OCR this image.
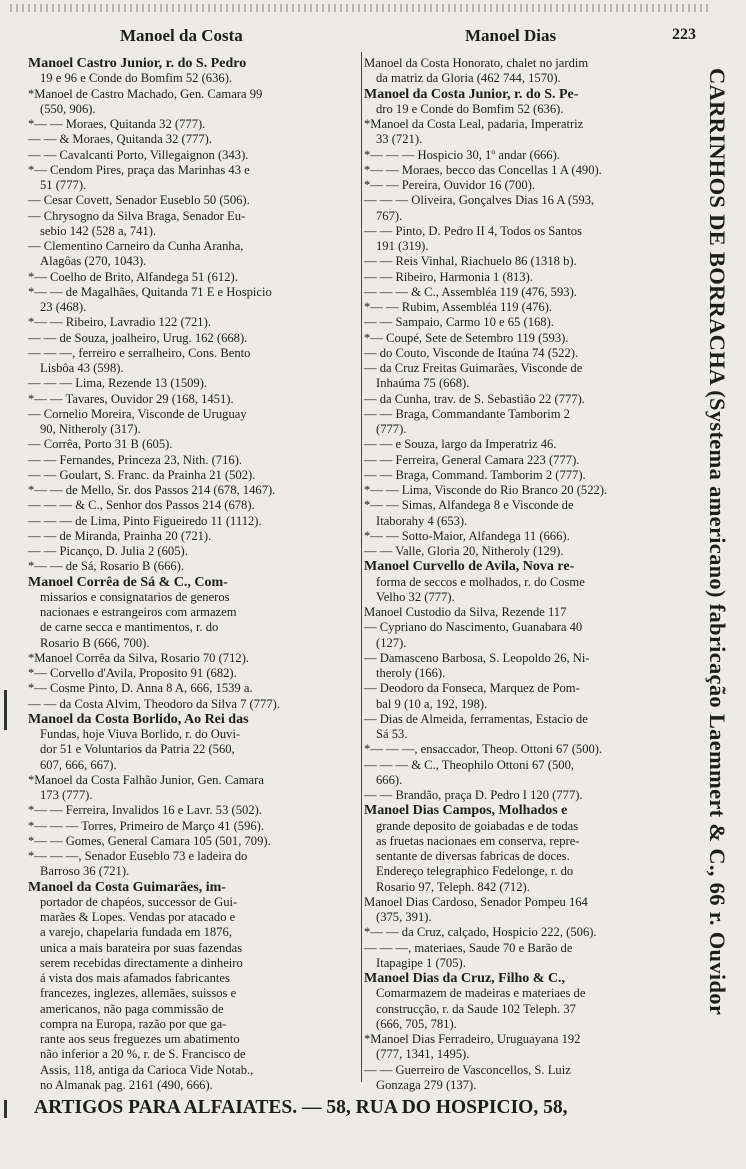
Manoel da Costa	Manoel Dias	223
Manoel Castro Junior, r. do S. Pedro
19 e 96 e Conde do Bomfim 52 (636).
*Manoel de Castro Machado, Gen. Camara 99
(550, 906).
*— — Moraes, Quitanda 32 (777).
— — & Moraes, Quitanda 32 (777).
— — Cavalcanti Porto, Villegaignon (343).
*— Cendom Pires, praça das Marinhas 43 e
51 (777).
— Cesar Covett, Senador Euseblo 50 (506).
— Chrysogno da Silva Braga, Senador Eu-
sebio 142 (528 a, 741).
— Clementino Carneiro da Cunha Aranha,
Alagôas (270, 1043).
*— Coelho de Brito, Alfandega 51 (612).
*— — de Magalhães, Quitanda 71 E e Hospicio
23 (468).
*— — Ribeiro, Lavradio 122 (721).
— — de Souza, joalheiro, Urug. 162 (668).
— — —, ferreiro e serralheiro, Cons. Bento
Lisbôa 43 (598).
— — — Lima, Rezende 13 (1509).
*— — Tavares, Ouvidor 29 (168, 1451).
— Cornelio Moreira, Visconde de Uruguay
90, Nitheroly (317).
— Corrêa, Porto 31 B (605).
— — Fernandes, Princeza 23, Nith. (716).
— — Goulart, S. Franc. da Prainha 21 (502).
*— — de Mello, Sr. dos Passos 214 (678, 1467).
— — — & C., Senhor dos Passos 214 (678).
— — — de Lima, Pinto Figueiredo 11 (1112).
— — de Miranda, Prainha 20 (721).
— — Picanço, D. Julia 2 (605).
*— — de Sá, Rosario B (666).
Manoel Corrêa de Sá & C., Com-
missarios e consignatarios de generos
nacionaes e estrangeiros com armazem
de carne secca e mantimentos, r. do
Rosario B (666, 700).
*Manoel Corrêa da Silva, Rosario 70 (712).
*— Corvello d'Avila, Proposito 91 (682).
*— Cosme Pinto, D. Anna 8 A, 666, 1539 a.
— — da Costa Alvim, Theodoro da Silva 7 (777).
Manoel da Costa Borlido, Ao Rei das
Fundas, hoje Viuva Borlido, r. do Ouvi-
dor 51 e Voluntarios da Patria 22 (560,
607, 666, 667).
*Manoel da Costa Falhão Junior, Gen. Camara
173 (777).
*— — Ferreira, Invalidos 16 e Lavr. 53 (502).
*— — — Torres, Primeiro de Março 41 (596).
*— — Gomes, General Camara 105 (501, 709).
*— — —, Senador Euseblo 73 e ladeira do
Barroso 36 (721).
Manoel da Costa Guimarães, im-
portador de chapéos, successor de Gui-
marães & Lopes. Vendas por atacado e
a varejo, chapelaria fundada em 1876,
unica a mais barateira por suas fazendas
serem recebidas directamente a dinheiro
á vista dos mais afamados fabricantes
francezes, inglezes, allemães, suissos e
americanos, não paga commissão de
compra na Europa, razão por que ga-
rante aos seus freguezes um abatimento
não inferior a 20 %, r. de S. Francisco de
Assis, 118, antiga da Carioca Vide Notab.,
no Almanak pag. 2161 (490, 666).
Manoel da Costa Honorato, chalet no jardim
da matriz da Gloria (462 744, 1570).
Manoel da Costa Junior, r. do S. Pe-
dro 19 e Conde do Bomfim 52 (636).
*Manoel da Costa Leal, padaria, Imperatriz
33 (721).
*— — — Hospicio 30, 1º andar (666).
*— — Moraes, becco das Concellas 1 A (490).
*— — Pereira, Ouvidor 16 (700).
— — — Oliveira, Gonçalves Dias 16 A (593,
767).
— — Pinto, D. Pedro II 4, Todos os Santos
191 (319).
— — Reis Vinhal, Riachuelo 86 (1318 b).
— — Ribeiro, Harmonia 1 (813).
— — — & C., Assembléa 119 (476, 593).
*— — Rubim, Assembléa 119 (476).
— — Sampaio, Carmo 10 e 65 (168).
*— Coupé, Sete de Setembro 119 (593).
— do Couto, Visconde de Itaúna 74 (522).
— da Cruz Freitas Guimarães, Visconde de
Inhaúma 75 (668).
— da Cunha, trav. de S. Sebastião 22 (777).
— — Braga, Commandante Tamborim 2
(777).
— — e Souza, largo da Imperatriz 46.
— — Ferreira, General Camara 223 (777).
— — Braga, Command. Tamborim 2 (777).
*— — Lima, Visconde do Rio Branco 20 (522).
*— — Simas, Alfandega 8 e Visconde de
Itaborahy 4 (653).
*— — Sotto-Maior, Alfandega 11 (666).
— — Valle, Gloria 20, Nitheroly (129).
Manoel Curvello de Avila, Nova re-
forma de seccos e molhados, r. do Cosme
Velho 32 (777).
Manoel Custodio da Silva, Rezende 117
— Cypriano do Nascimento, Guanabara 40
(127).
— Damasceno Barbosa, S. Leopoldo 26, Ni-
theroly (166).
— Deodoro da Fonseca, Marquez de Pom-
bal 9 (10 a, 192, 198).
— Dias de Almeida, ferramentas, Estacio de
Sá 53.
*— — —, ensaccador, Theop. Ottoni 67 (500).
— — — & C., Theophilo Ottoni 67 (500,
666).
— — Brandão, praça D. Pedro I 120 (777).
Manoel Dias Campos, Molhados e
grande deposito de goiabadas e de todas
as fruetas nacionaes em conserva, repre-
sentante de diversas fabricas de doces.
Endereço telegraphico Fedelonge, r. do
Rosario 97, Teleph. 842 (712).
Manoel Dias Cardoso, Senador Pompeu 164
(375, 391).
*— — da Cruz, calçado, Hospicio 222, (506).
— — —, materiaes, Saude 70 e Barão de
Itapagipe 1 (705).
Manoel Dias da Cruz, Filho & C.,
Comarmazem de madeiras e materiaes de
construcção, r. da Saude 102 Teleph. 37
(666, 705, 781).
*Manoel Dias Ferradeiro, Uruguayana 192
(777, 1341, 1495).
— — Guerreiro de Vasconcellos, S. Luiz
Gonzaga 279 (137).
CARRINHOS DE BORRACHA (Systema americano) fabricação Laemmert & C., 66 r. Ouvidor
ARTIGOS PARA ALFAIATES. — 58, RUA DO HOSPICIO, 58,
